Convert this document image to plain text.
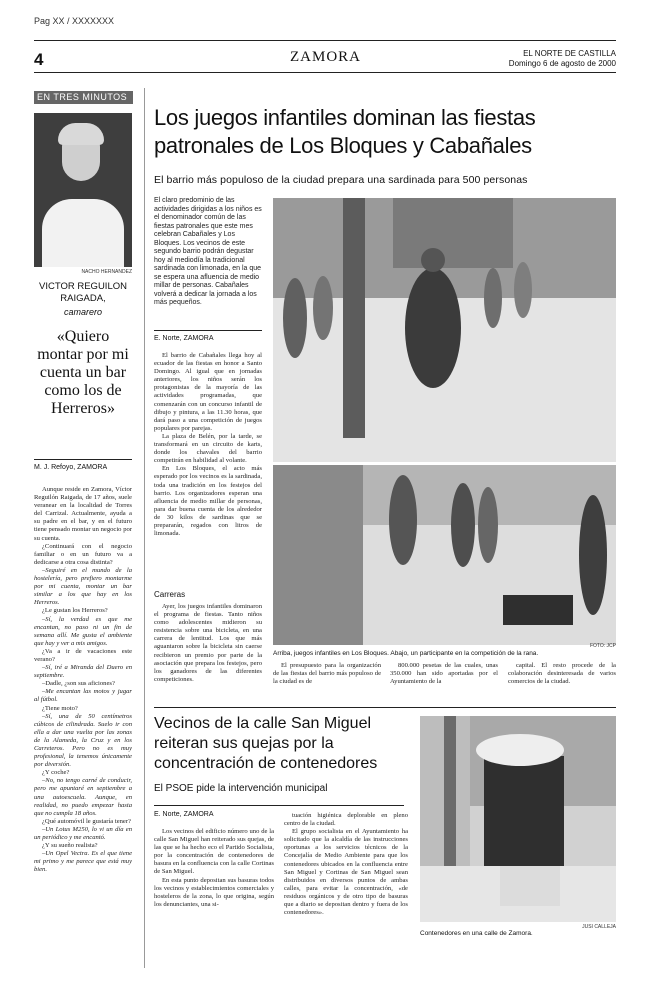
Pag XX / XXXXXXX
4	ZAMORA	EL NORTE DE CASTILLA
Domingo 6 de agosto de 2000
EN TRES MINUTOS
NACHO HERNANDEZ
VICTOR REGUILON RAIGADA,
camarero
«Quiero montar por mi cuenta un bar como los de Herreros»
M. J. Refoyo, ZAMORA

Aunque reside en Zamora, Víctor Reguilón Raigada, de 17 años, suele veranear en la localidad de Torres del Carrizal. Actualmente, ayuda a su padre en el bar, y en el futuro tiene pensado montar un negocio por su cuenta.

¿Continuará con el negocio familiar o en un futuro va a dedicarse a otra cosa distinta?

–Seguiré en el mundo de la hostelería, pero prefiero montarme por mi cuenta, montar un bar similar a los que hay en los Herreros.

¿Le gustan los Herreros?

–Sí, la verdad es que me encantan, no paso ni un fin de semana allí. Me gusta el ambiente que hay y ver a mis amigos.

¿Va a ir de vacaciones este verano?

–Sí, iré a Miranda del Duero en septiembre.

–Dadle, ¿son sus aficiones?

–Me encantan las motos y jugar al fútbol.

¿Tiene moto?

–Sí, una de 50 centímetros cúbicos de cilindrada. Suelo ir con ella a dar una vuelta por las zonas de la Alameda, la Cruz y en los Carreteros. Pero no es muy profesional, la tenemos únicamente por diversión.

¿Y coche?

–No, no tengo carné de conducir, pero me apuntaré en septiembre a una autoescuela. Aunque, en realidad, no puedo empezar hasta que no cumpla 18 años.

¿Qué automóvil le gustaría tener?

–Un Lotus M250, lo vi un día en un periódico y me encantó.

¿Y su sueño realista?

–Un Opel Vectra. Es el que tiene mi primo y me parece que está muy bien.

Los juegos infantiles dominan las fiestas patronales de Los Bloques y Cabañales
El barrio más populoso de la ciudad prepara una sardinada para 500 personas
El claro predominio de las actividades dirigidas a los niños es el denominador común de las fiestas patronales que este mes celebran Cabañales y Los Bloques. Los vecinos de este segundo barrio podrán degustar hoy al mediodía la tradicional sardinada con limonada, en la que se espera una afluencia de medio millar de personas. Cabañales volverá a dedicar la jornada a los más pequeños.
E. Norte, ZAMORA

El barrio de Cabañales llega hoy al ecuador de las fiestas en honor a Santo Domingo. Al igual que en jornadas anteriores, los niños serán los protagonistas de la mayoría de las actividades programadas, que comenzarán con un concurso infantil de dibujo y pintura, a las 11.30 horas, que dará paso a una competición de juegos populares por parejas.

La plaza de Belén, por la tarde, se transformará en un circuito de karts, donde los chavales del barrio competirán en habilidad al volante.

En Los Bloques, el acto más esperado por los vecinos es la sardinada, toda una tradición en los festejos del barrio. Los organizadores esperan una afluencia de medio millar de personas, para dar buena cuenta de los alrededor de 30 kilos de sardinas que se prepararán, regados con litros de limonada.

Carreras

Ayer, los juegos infantiles dominaron el programa de fiestas. Tanto niños como adolescentes midieron su resistencia sobre una bicicleta, en una carrera de lentitud. Los que más aguantaron sobre la bicicleta sin caerse recibieron un premio por parte de la asociación que prepara los festejos, pero los ganadores de las diferentes competiciones.

FOTO: JCP
Arriba, juegos infantiles en Los Bloques. Abajo, un participante en la competición de la rana.

El presupuesto para la organización de las fiestas del barrio más populoso de la ciudad es de

800.000 pesetas de las cuales, unas 350.000 han sido aportadas por el Ayuntamiento de la

capital. El resto procede de la colaboración desinteresada de varios comercios de la ciudad.

Vecinos de la calle San Miguel reiteran sus quejas por la concentración de contenedores
El PSOE pide la intervención municipal
E. Norte, ZAMORA

Los vecinos del edificio número uno de la calle San Miguel han reiterado sus quejas, de las que se ha hecho eco el Partido Socialista, por la concentración de contenedores de basura en la confluencia con la calle Cortinas de San Miguel.

En esta punto depositan sus basuras todos los vecinos y establecimientos comerciales y hosteleros de la zona, lo que origina, según los denunciantes, una si-

tuación higiénica deplorable en pleno centro de la ciudad.

El grupo socialista en el Ayuntamiento ha solicitado que la alcaldía de las instrucciones oportunas a los servicios técnicos de la Concejalía de Medio Ambiente para que los contenedores ubicados en la confluencia entre San Miguel y Cortinas de San Miguel sean distribuidos en diversos puntos de ambas calles, para evitar la concentración, «de residuos orgánicos y de otro tipo de basuras que a diario se depositan dentro y fuera de los contenedores».

JUSI CALLEJA
Contenedores en una calle de Zamora.
